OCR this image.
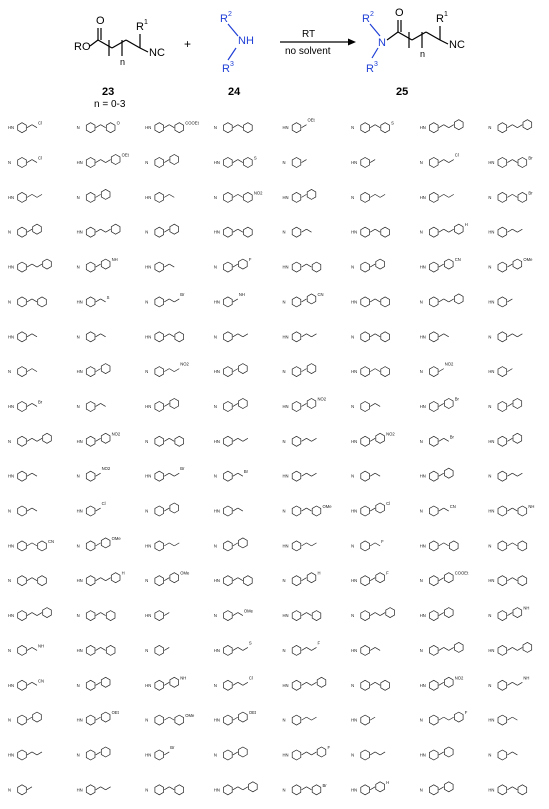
RO
O
n
R 1
NC
23
n = 0-3
+
R 2
NH
R 3
24
RT
no solvent
R 2
N
R 3
O
n
R 1
NC
25
HN
Cl
N
O
HN
COOEt
N	HN
OEt
N
S
HN	N
N
Cl
HN
OEt
N	HN
S
N	HN	N
Cl
HN
Br
HN	N	HN	N
NO2
HN	N	HN	N
Br
N	HN	N	HN	N	HN	N
H
HN
HN	N
NH
HN	N
F
HN	N	HN
CN
N
OMe
N	HN
S
N
Br
HN
NH
N
CN
HN	N	HN
HN	N	HN	N	HN	N	HN	N
N	HN	N
NO2
HN	N	HN	N
NO2
HN
HN
Br
N	HN	N	HN
NO2
N	HN
Br
N
N	HN
NO2
N	HN	N	HN
NO2
N
Br
HN
HN	N
NO2
HN
Br
N
Br
HN	N	HN	N
N	HN
Cl
N	HN	N
OMe
HN
Cl
N
CN
HN
NH
HN
CN
N
OMe
HN	N	HN	N
F
HN	N
N	HN
H
N
OMe
HN	N
H
HN
F
N
COOEt
HN
HN	N	HN	N
OMe
HN	N	HN	N
NH
N
NH
HN	N	HN
S
N
F
HN	N	HN
HN
CN
N	HN
NH
N
Cl
HN	N	HN
NO2
N
NH
N	HN
OEt
N
OMe
HN
OEt
N	HN	N
F
HN
HN	N	HN
Br
N	HN
F
N	HN	N
N	HN	N	HN	N
Br
HN
H
N	HN
